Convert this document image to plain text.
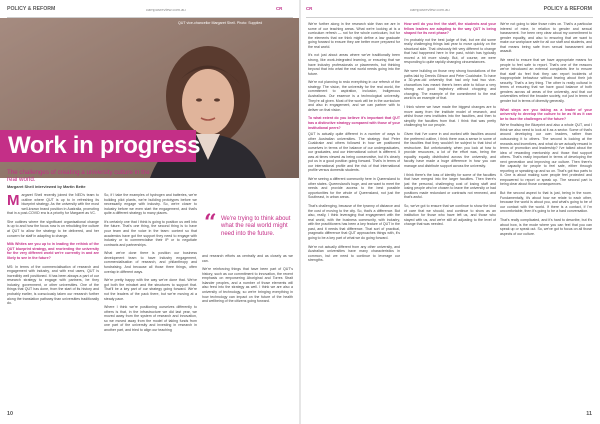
POLICY & REFORM	campusreview.com.au	CR
QUT vice-chancellor Margaret Sheil. Photo: Supplied
Work in progress
The challenges of creating a university culture in the real world.
Margaret Sheil interviewed by Martin Bette

Margaret Sheil recently joined the NED's team to outline where QUT is up to in refreshing its blueprint strategy. As the university with the most well-known brand position in Australia, promoting that in a post-COVID era is a priority for Margaret as VC.

She outlines where the significant organisational change is up to and how the focus now is on rebuilding the culture at QUT to allow the strategy to be delivered, and her concern for staff in adapting to change.

Milk Whites are you up to in leading the rethink of the QUT blueprint strategy, and reorienting the university for the very different world we're currently in and are likely to see in the future?

MS: In terms of the commercialisation of research and engagement with industry, and with end users, QUT is incredibly well positioned. It has been always a part of our research strategy to engage with partners, be they industry, government, or other universities. One of the things that QUT has done, from the start of its history and probably earlier, is consciously taken our research further along the translation pathway than universities traditionally do.

So, if I take the examples of hydrogen and batteries, we're building pilot plants, we're building prototypes before we necessarily engage with industry. So, we're closer to industry before we even start the engagement, and that's quite a different strategy to many places.

It's certainly one that I think is going to position us well into the future. That's one thing, the second thing is to have your team and the voice in the team: context so that academics have got the support they need to engage with industry or to commercialise their IP or to negotiate contracts and partnerships.

What we've done there is position our business development team to have industry engagement, commercialisation of research, and philanthropy and fundraising. And because all those three things, often overlap in different ways.

We're pretty happy with the way we've done that. We've got both the mindset and the structures to support that. That'll be a key part of our strategy going forward. We're not the leaders of the pack there, but we're moving at a steady pace.

Where I think we're positioning ourselves differently to others is that, in the infrastructure we did last year, we moved away from the system of research and innovation, so we moved away from the model of taking funds from one part of the university and investing in research in another part, and tried to align our teaching

“ We're trying to think about what the real world might need into the future.

and research efforts as centrally and as closely as we can.

We're reinforcing things that have been part of QUT's history, such as our commitment to innovation, the recent emphasis on empowering Aboriginal and Torres Strait Islander peoples, and a number of those elements will also feed into the strategy as well. I think we are also a university of technology, so we're bringing everything in how technology can impact on the future of the health and wellbeing of the citizens going forward.

10
CR	campusreview.com.au	POLICY & REFORM

We're further along in the research side than we are in some of our teaching areas. What we're looking at is a curriculum refresh — not for the whole curriculum, but for the elements that we think might define a law graduate going forward to ensure they are better more prepared for the real world.

It's not just about areas where we've traditionally been strong, like work-integrated learning, or ensuring that we have industry professionals or placements, but thinking beyond that into what the real world needs going into the future.

We're not planning to redo everything in our refresh of the strategy. The vision, the university for the real world, the commitment to aspiration, inclusion, Indigenous Australians. Our essence is a technological university. They're all given. Most of the work will be in the curriculum and also in engagement, and we can partner with to deliver on that vision.

To what extent do you believe it's important that QUT has a distinctive strategy compared with those of your institutional peers?

QUT is actually quite different in a number of ways to other Australian universities. The strategy that Peter Coaldrake and others followed in how we positioned ourselves in terms of the balance of our undergraduates, our graduates, and our international cohort is different. It was at times viewed as being conservative, but it's clearly put us in a good position going forward. That's in terms of our international profile and the risk of that international profile versus domestic students.

We're seeing a different community here in Queensland to other states. Queensland's huge, and we want to meet the needs and provide access to the best possible opportunities for the whole of Queensland, not just the Southeast, in urban areas.

That's challenging, because of the tyranny of distance and the cost of moving to the city. So, that's a difference. But also, really, I think leveraging that engagement with the real world, with the business community, with industry, with the practitioners has been a key feature of QUT in the past, and it needs that difference. That sort of practical, pragmatic difference that QUT approaches things with, it's going to be a key part of what we do going forward.

We're not actually different from any other university, and Australian universities have many characteristics in common, but we need to continue to leverage our strengths.

How well do you feel the staff, the students and your fellow leaders are adapting to the way QUT is being shaped for its next phase?

I'm probably not the best judge of that, but we did some really challenging things last year to move quickly on the structural side. That obviously felt very different to change that had happened here in the past, which has typically moved a bit more slowly. But, of course, we were responding to quite rapidly changing circumstances.

We were building on those very strong foundations of the paths laid by Dennis Gibson and Peter Coaldrake. To have a 30-year-old university that had only had two vice-chancellors has meant there's been able to follow a very strong and good trajectory without chopping and changing. The example of the commitment to the real world is an example of that.

I think where we have made the biggest changes are to move away from the institute model of research, and whilst those new institutes into the faculties, and then to simplify the faculties from that. I think that was pretty challenging for our people.

Given that I've come in and worked with faculties around the preferred outline, I think there was a sense in some of the faculties that they wouldn't be subject to that kind of restructure. But unfortunately, when you look at how to provide resources, a lot of the effort was, being the equality equally distributed across the university, and faculty have made a huge difference in how you can manage and distribute support across the university.

I think there's the loss of identity for some of the faculties that have merged into the larger faculties. Then there's just the personal, challenging cost of losing staff and losing people who've chosen to leave the university or had positions made redundant or contracts not renewed, and that's awful.

So, we've got to ensure that we continue to show the kind of care that we should, and continue to show as an institution for those who have left us, and those who stayed with us, and we're still all adjusting to the level of change that was needed.

We're not going to take those roles on. That's a particular interest of mine, in relation to gender and sexual harassment. I've been very clear about my commitment to gender equality, and also to ensuring that we want to make our workplace safe for all our staff and students, and that means being safe from sexual harassment and assault.

We need to ensure that we have appropriate means for people to feel safe to report. That's one of the reasons we've introduced an external complaints line to ensure that staff do feel that they can report incidents of inappropriate behaviour without fearing about their job security. That's a key thing. The other is really cultural in terms of ensuring that we have good balance of both genders across all areas of the university, and that our universities reflect the broader society, not just in terms of gender but in terms of diversity generally.

What steps are you taking as a leader of your university to develop the culture to be as fit as it can be to face the challenges of the future?

We're finalising the Blueprint and also a whole QUT, and I think we also need to look at it as a sector. Some of that's around developing our own leaders, rather than outsourcing it to others. The second is looking at the rewards and incentives, and what do we actually reward in terms of promotion and leadership? I've talked about the idea of rewarding mentorship and those that support others. That's really important in terms of developing the next generation and improving our culture. Then there's the capacity for people to feel safe, either through reporting or speaking up and so on. That's got two parts to it. One is about making sure people feel protected and empowered to report or speak up. The second part is being clear about those consequences.

But the second aspect to that is just, being in the room. Fundamentally, it's about how we relate to each other, because the world is about you, and what's going to be of our contact with the world. If there is a contact, if I'm uncomfortable, then it's going to be a hard conversation.

That's really complicated, and it's hard to describe, but it's about how, is the mode where you can feel that you can speak up or speak out. So, we've got to focus on all those aspects of our culture.

11
